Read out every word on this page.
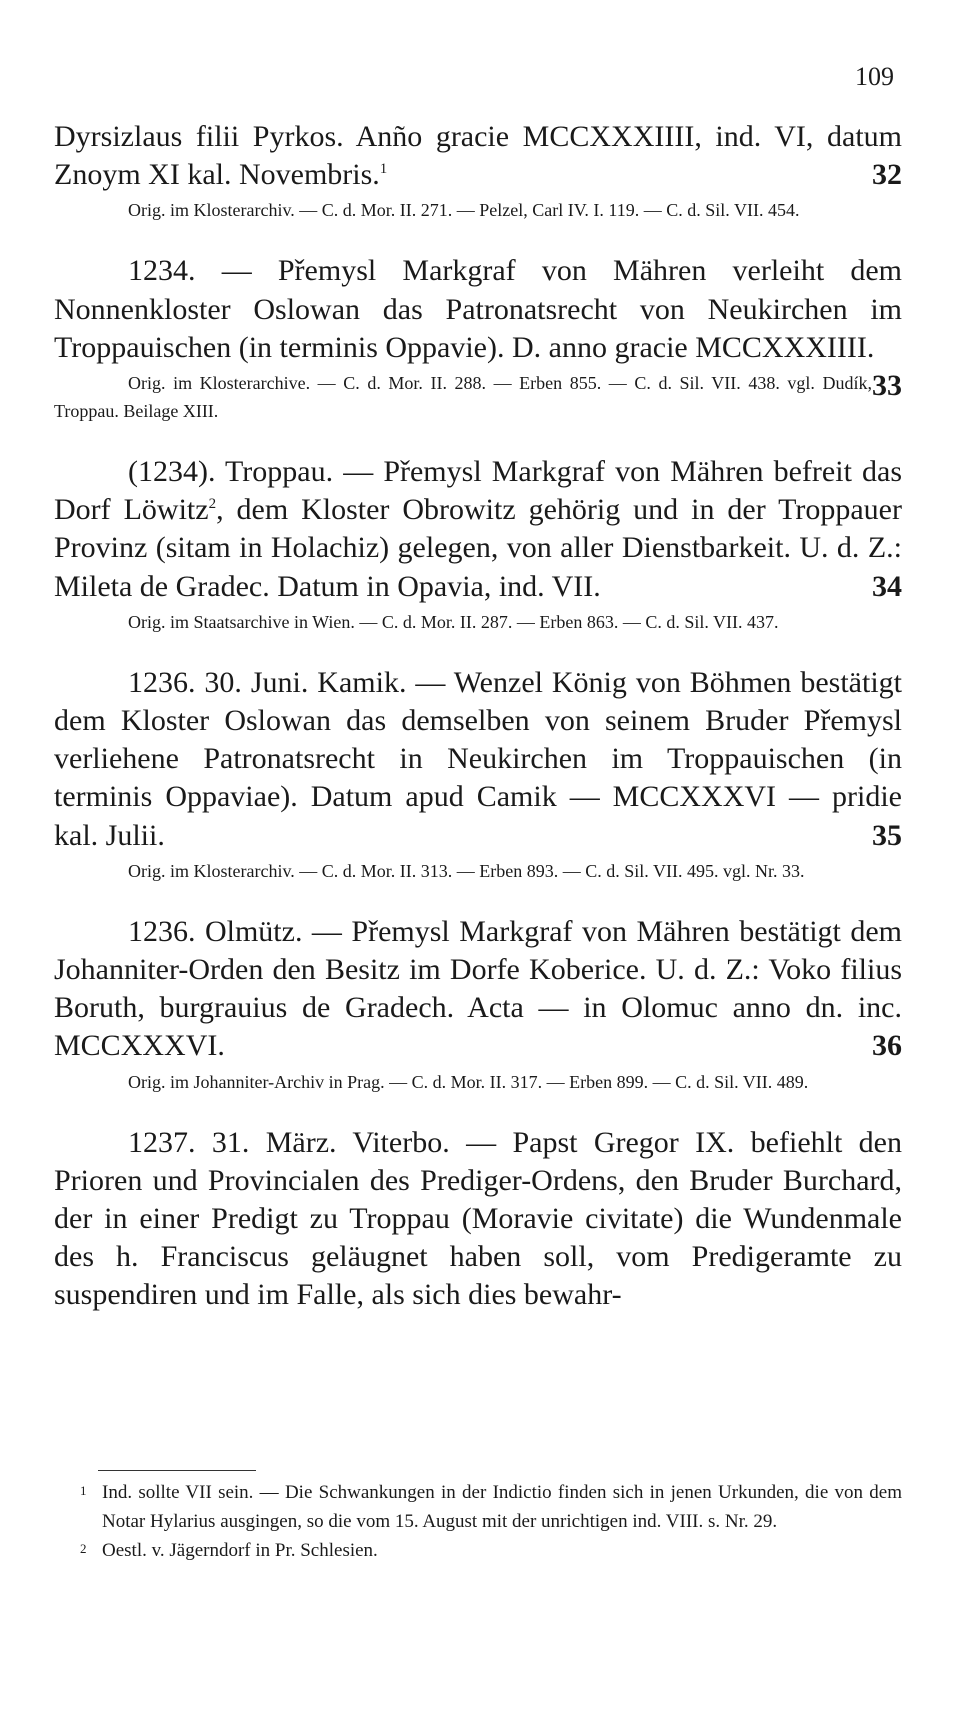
109
Dyrsizlaus filii Pyrkos. Anño gracie MCCXXXIIII, ind. VI, datum Znoym XI kal. Novembris.$^1$	32
Orig. im Klosterarchiv. — C. d. Mor. II. 271. — Pelzel, Carl IV. I. 119. — C. d. Sil. VII. 454.
1234. — Přemysl Markgraf von Mähren verleiht dem Nonnenkloster Oslowan das Patronatsrecht von Neukirchen im Troppauischen (in terminis Oppavie). D. anno gracie MCCXXXIIII.
33
Orig. im Klosterarchive. — C. d. Mor. II. 288. — Erben 855. — C. d. Sil. VII. 438. vgl. Dudík, Troppau. Beilage XIII.
(1234). Troppau. — Přemysl Markgraf von Mähren befreit das Dorf Löwitz$^2$, dem Kloster Obrowitz gehörig und in der Troppauer Provinz (sitam in Holachiz) gelegen, von aller Dienstbarkeit. U. d. Z.: Mileta de Gradec. Datum in Opavia, ind. VII.	34
Orig. im Staatsarchive in Wien. — C. d. Mor. II. 287. — Erben 863. — C. d. Sil. VII. 437.
1236. 30. Juni. Kamik. — Wenzel König von Böhmen bestätigt dem Kloster Oslowan das demselben von seinem Bruder Přemysl verliehene Patronatsrecht in Neukirchen im Troppauischen (in terminis Oppaviae). Datum apud Camik — MCCXXXVI — pridie kal. Julii.	35
Orig. im Klosterarchiv. — C. d. Mor. II. 313. — Erben 893. — C. d. Sil. VII. 495. vgl. Nr. 33.
1236. Olmütz. — Přemysl Markgraf von Mähren bestätigt dem Johanniter-Orden den Besitz im Dorfe Koberice. U. d. Z.: Voko filius Boruth, burgrauius de Gradech. Acta — in Olomuc anno dn. inc. MCCXXXVI.	36
Orig. im Johanniter-Archiv in Prag. — C. d. Mor. II. 317. — Erben 899. — C. d. Sil. VII. 489.
1237. 31. März. Viterbo. — Papst Gregor IX. befiehlt den Prioren und Provincialen des Prediger-Ordens, den Bruder Burchard, der in einer Predigt zu Troppau (Moravie civitate) die Wundenmale des h. Franciscus geläugnet haben soll, vom Predigeramte zu suspendiren und im Falle, als sich dies bewahr-
1 Ind. sollte VII sein. — Die Schwankungen in der Indictio finden sich in jenen Urkunden, die von dem Notar Hylarius ausgingen, so die vom 15. August mit der unrichtigen ind. VIII. s. Nr. 29.
2 Oestl. v. Jägerndorf in Pr. Schlesien.
